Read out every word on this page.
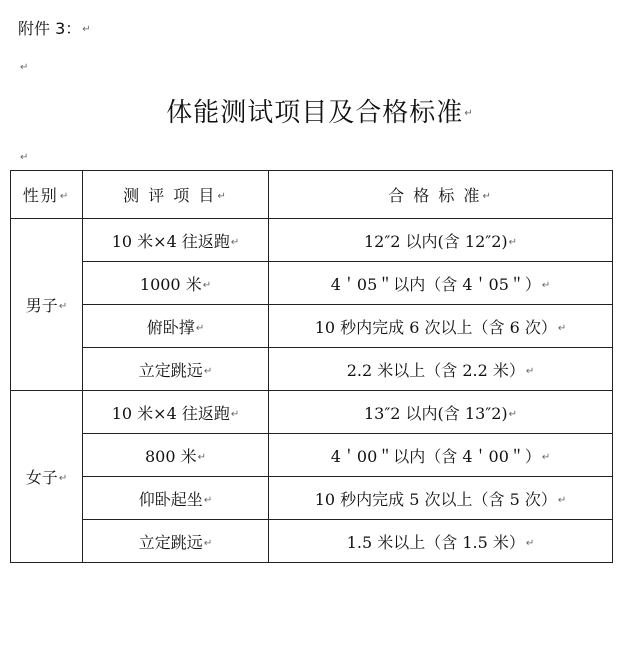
附件 3：↵
↵
体能测试项目及合格标准↵
↵
性别↵	测 评 项 目↵	合 格 标 准↵
男子↵	10 米×4 往返跑↵	12″2 以内(含 12″2)↵
	1000 米↵	4＇05＂以内（含 4＇05＂）↵
	俯卧撑↵	10 秒内完成 6 次以上（含 6 次）↵
	立定跳远↵	2.2 米以上（含 2.2 米）↵
女子↵	10 米×4 往返跑↵	13″2 以内(含 13″2)↵
	800 米↵	4＇00＂以内（含 4＇00＂）↵
	仰卧起坐↵	10 秒内完成 5 次以上（含 5 次）↵
	立定跳远↵	1.5 米以上（含 1.5 米）↵
